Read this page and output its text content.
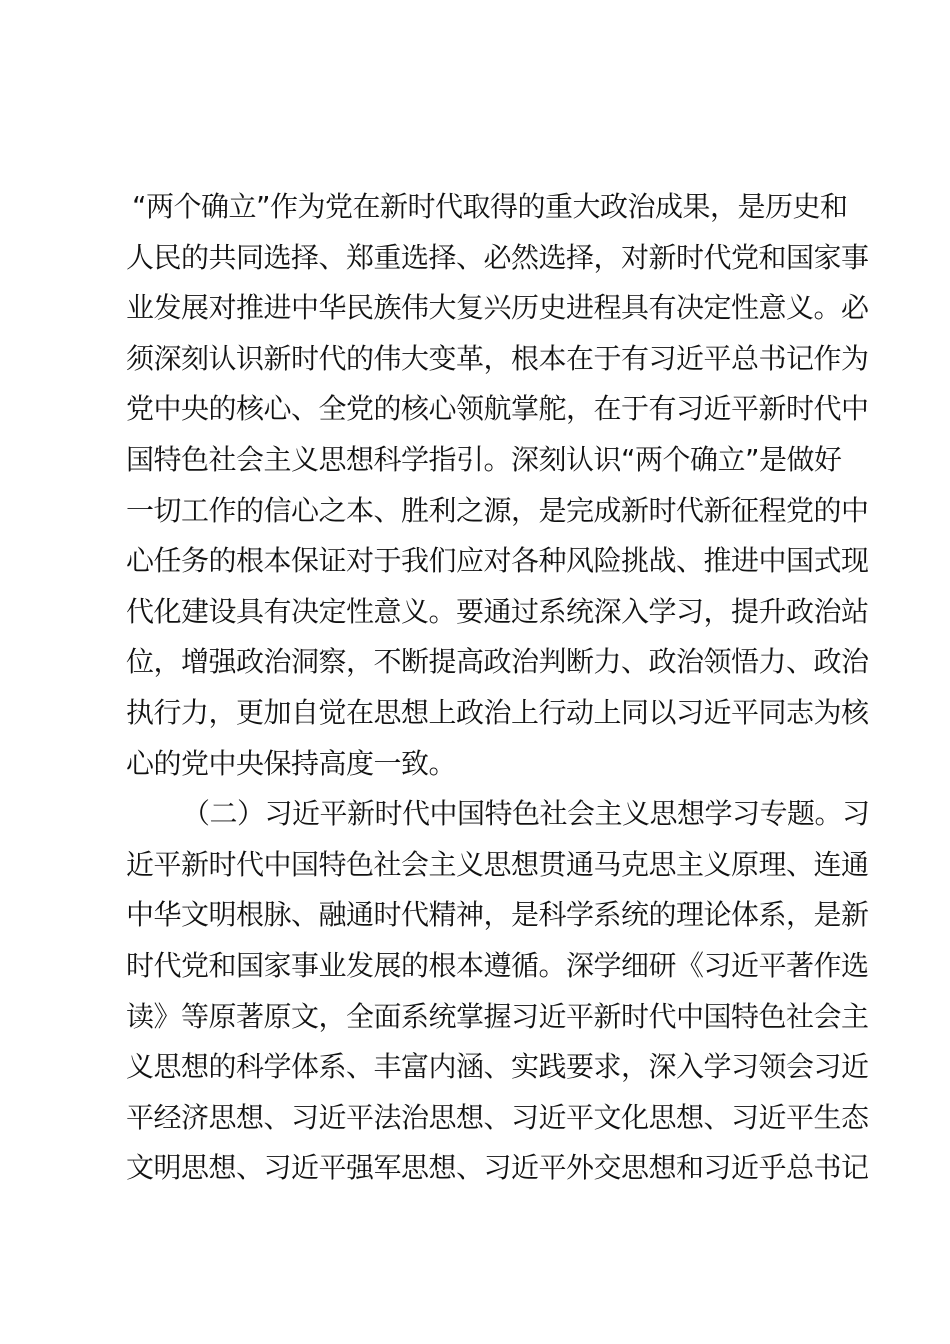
“两个确立”作为党在新时代取得的重大政治成果，是历史和
人民的共同选择、郑重选择、必然选择，对新时代党和国家事
业发展对推进中华民族伟大复兴历史进程具有决定性意义。必
须深刻认识新时代的伟大变革，根本在于有习近平总书记作为
党中央的核心、全党的核心领航掌舵，在于有习近平新时代中
国特色社会主义思想科学指引。深刻认识“两个确立”是做好
一切工作的信心之本、胜利之源，是完成新时代新征程党的中
心任务的根本保证对于我们应对各种风险挑战、推进中国式现
代化建设具有决定性意义。要通过系统深入学习，提升政治站
位，增强政治洞察，不断提高政治判断力、政治领悟力、政治
执行力，更加自觉在思想上政治上行动上同以习近平同志为核
心的党中央保持高度一致。
（二）习近平新时代中国特色社会主义思想学习专题。习
近平新时代中国特色社会主义思想贯通马克思主义原理、连通
中华文明根脉、融通时代精神，是科学系统的理论体系，是新
时代党和国家事业发展的根本遵循。深学细研《习近平著作选
读》等原著原文，全面系统掌握习近平新时代中国特色社会主
义思想的科学体系、丰富内涵、实践要求，深入学习领会习近
平经济思想、习近平法治思想、习近平文化思想、习近平生态
文明思想、习近平强军思想、习近平外交思想和习近乎总书记
